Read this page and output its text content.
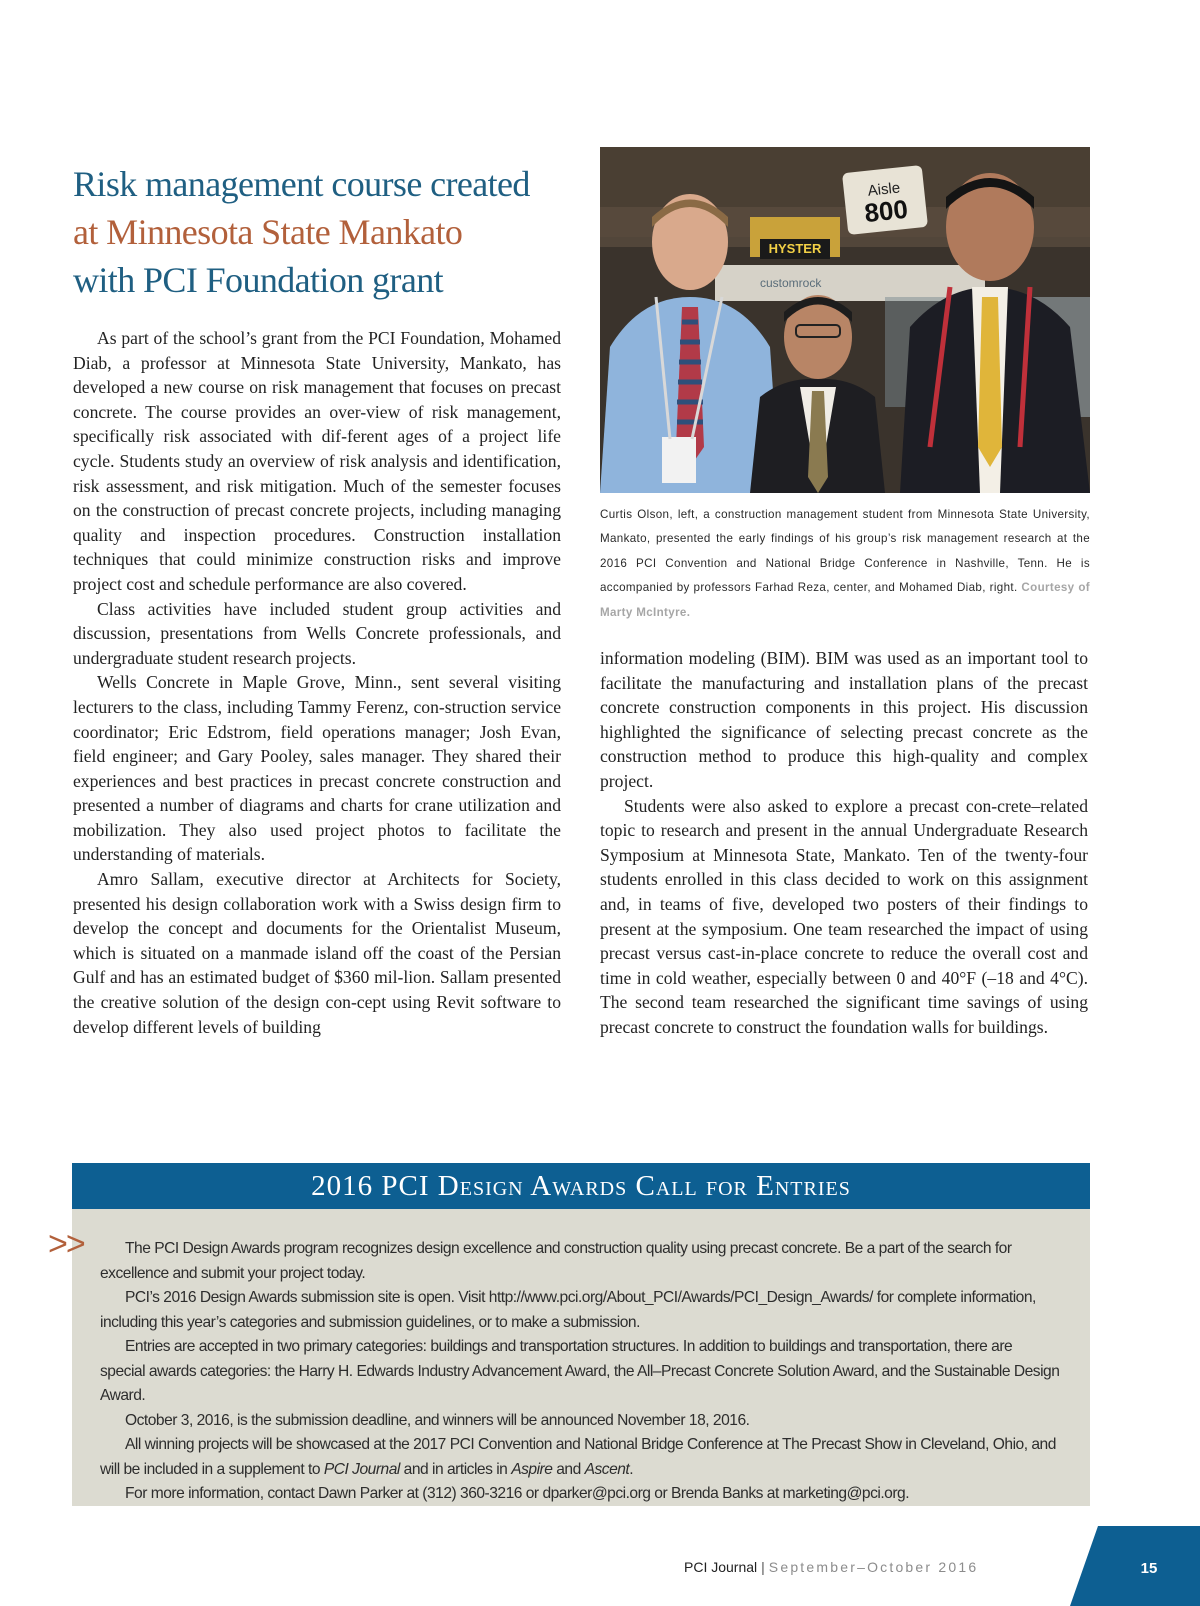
Risk management course created
at Minnesota State Mankato
with PCI Foundation grant

As part of the school’s grant from the PCI Foundation, Mohamed Diab, a professor at Minnesota State University, Mankato, has developed a new course on risk management that focuses on precast concrete. The course provides an over-view of risk management, specifically risk associated with dif-ferent ages of a project life cycle. Students study an overview of risk analysis and identification, risk assessment, and risk mitigation. Much of the semester focuses on the construction of precast concrete projects, including managing quality and inspection procedures. Construction installation techniques that could minimize construction risks and improve project cost and schedule performance are also covered.

Class activities have included student group activities and discussion, presentations from Wells Concrete professionals, and undergraduate student research projects.

Wells Concrete in Maple Grove, Minn., sent several visiting lecturers to the class, including Tammy Ferenz, con-struction service coordinator; Eric Edstrom, field operations manager; Josh Evan, field engineer; and Gary Pooley, sales manager. They shared their experiences and best practices in precast concrete construction and presented a number of diagrams and charts for crane utilization and mobilization. They also used project photos to facilitate the understanding of materials.

Amro Sallam, executive director at Architects for Society, presented his design collaboration work with a Swiss design firm to develop the concept and documents for the Orientalist Museum, which is situated on a manmade island off the coast of the Persian Gulf and has an estimated budget of $360 mil-lion. Sallam presented the creative solution of the design con-cept using Revit software to develop different levels of building

HYSTER
Aisle
800
customrock
Curtis Olson, left, a construction management student from Minnesota State University, Mankato, presented the early findings of his group’s risk management research at the 2016 PCI Convention and National Bridge Conference in Nashville, Tenn. He is accompanied by professors Farhad Reza, center, and Mohamed Diab, right. Courtesy of Marty McIntyre.

information modeling (BIM). BIM was used as an important tool to facilitate the manufacturing and installation plans of the precast concrete construction components in this project. His discussion highlighted the significance of selecting precast concrete as the construction method to produce this high-quality and complex project.

Students were also asked to explore a precast con-crete–related topic to research and present in the annual Undergraduate Research Symposium at Minnesota State, Mankato. Ten of the twenty-four students enrolled in this class decided to work on this assignment and, in teams of five, developed two posters of their findings to present at the symposium. One team researched the impact of using precast versus cast-in-place concrete to reduce the overall cost and time in cold weather, especially between 0 and 40°F (–18 and 4°C). The second team researched the significant time savings of using precast concrete to construct the foundation walls for buildings.

2016 PCI Design Awards Call for Entries
>>	The PCI Design Awards program recognizes design excellence and construction quality using precast concrete. Be a part of the search for excellence and submit your project today.

PCI’s 2016 Design Awards submission site is open. Visit http://www.pci.org/About_PCI/Awards/PCI_Design_Awards/ for complete information, including this year’s categories and submission guidelines, or to make a submission.

Entries are accepted in two primary categories: buildings and transportation structures. In addition to buildings and transportation, there are special awards categories: the Harry H. Edwards Industry Advancement Award, the All–Precast Concrete Solution Award, and the Sustainable Design Award.

October 3, 2016, is the submission deadline, and winners will be announced November 18, 2016.

All winning projects will be showcased at the 2017 PCI Convention and National Bridge Conference at The Precast Show in Cleveland, Ohio, and will be included in a supplement to PCI Journal and in articles in Aspire and Ascent.

For more information, contact Dawn Parker at (312) 360-3216 or dparker@pci.org or Brenda Banks at marketing@pci.org.

PCI Journal | September–October 2016	15
